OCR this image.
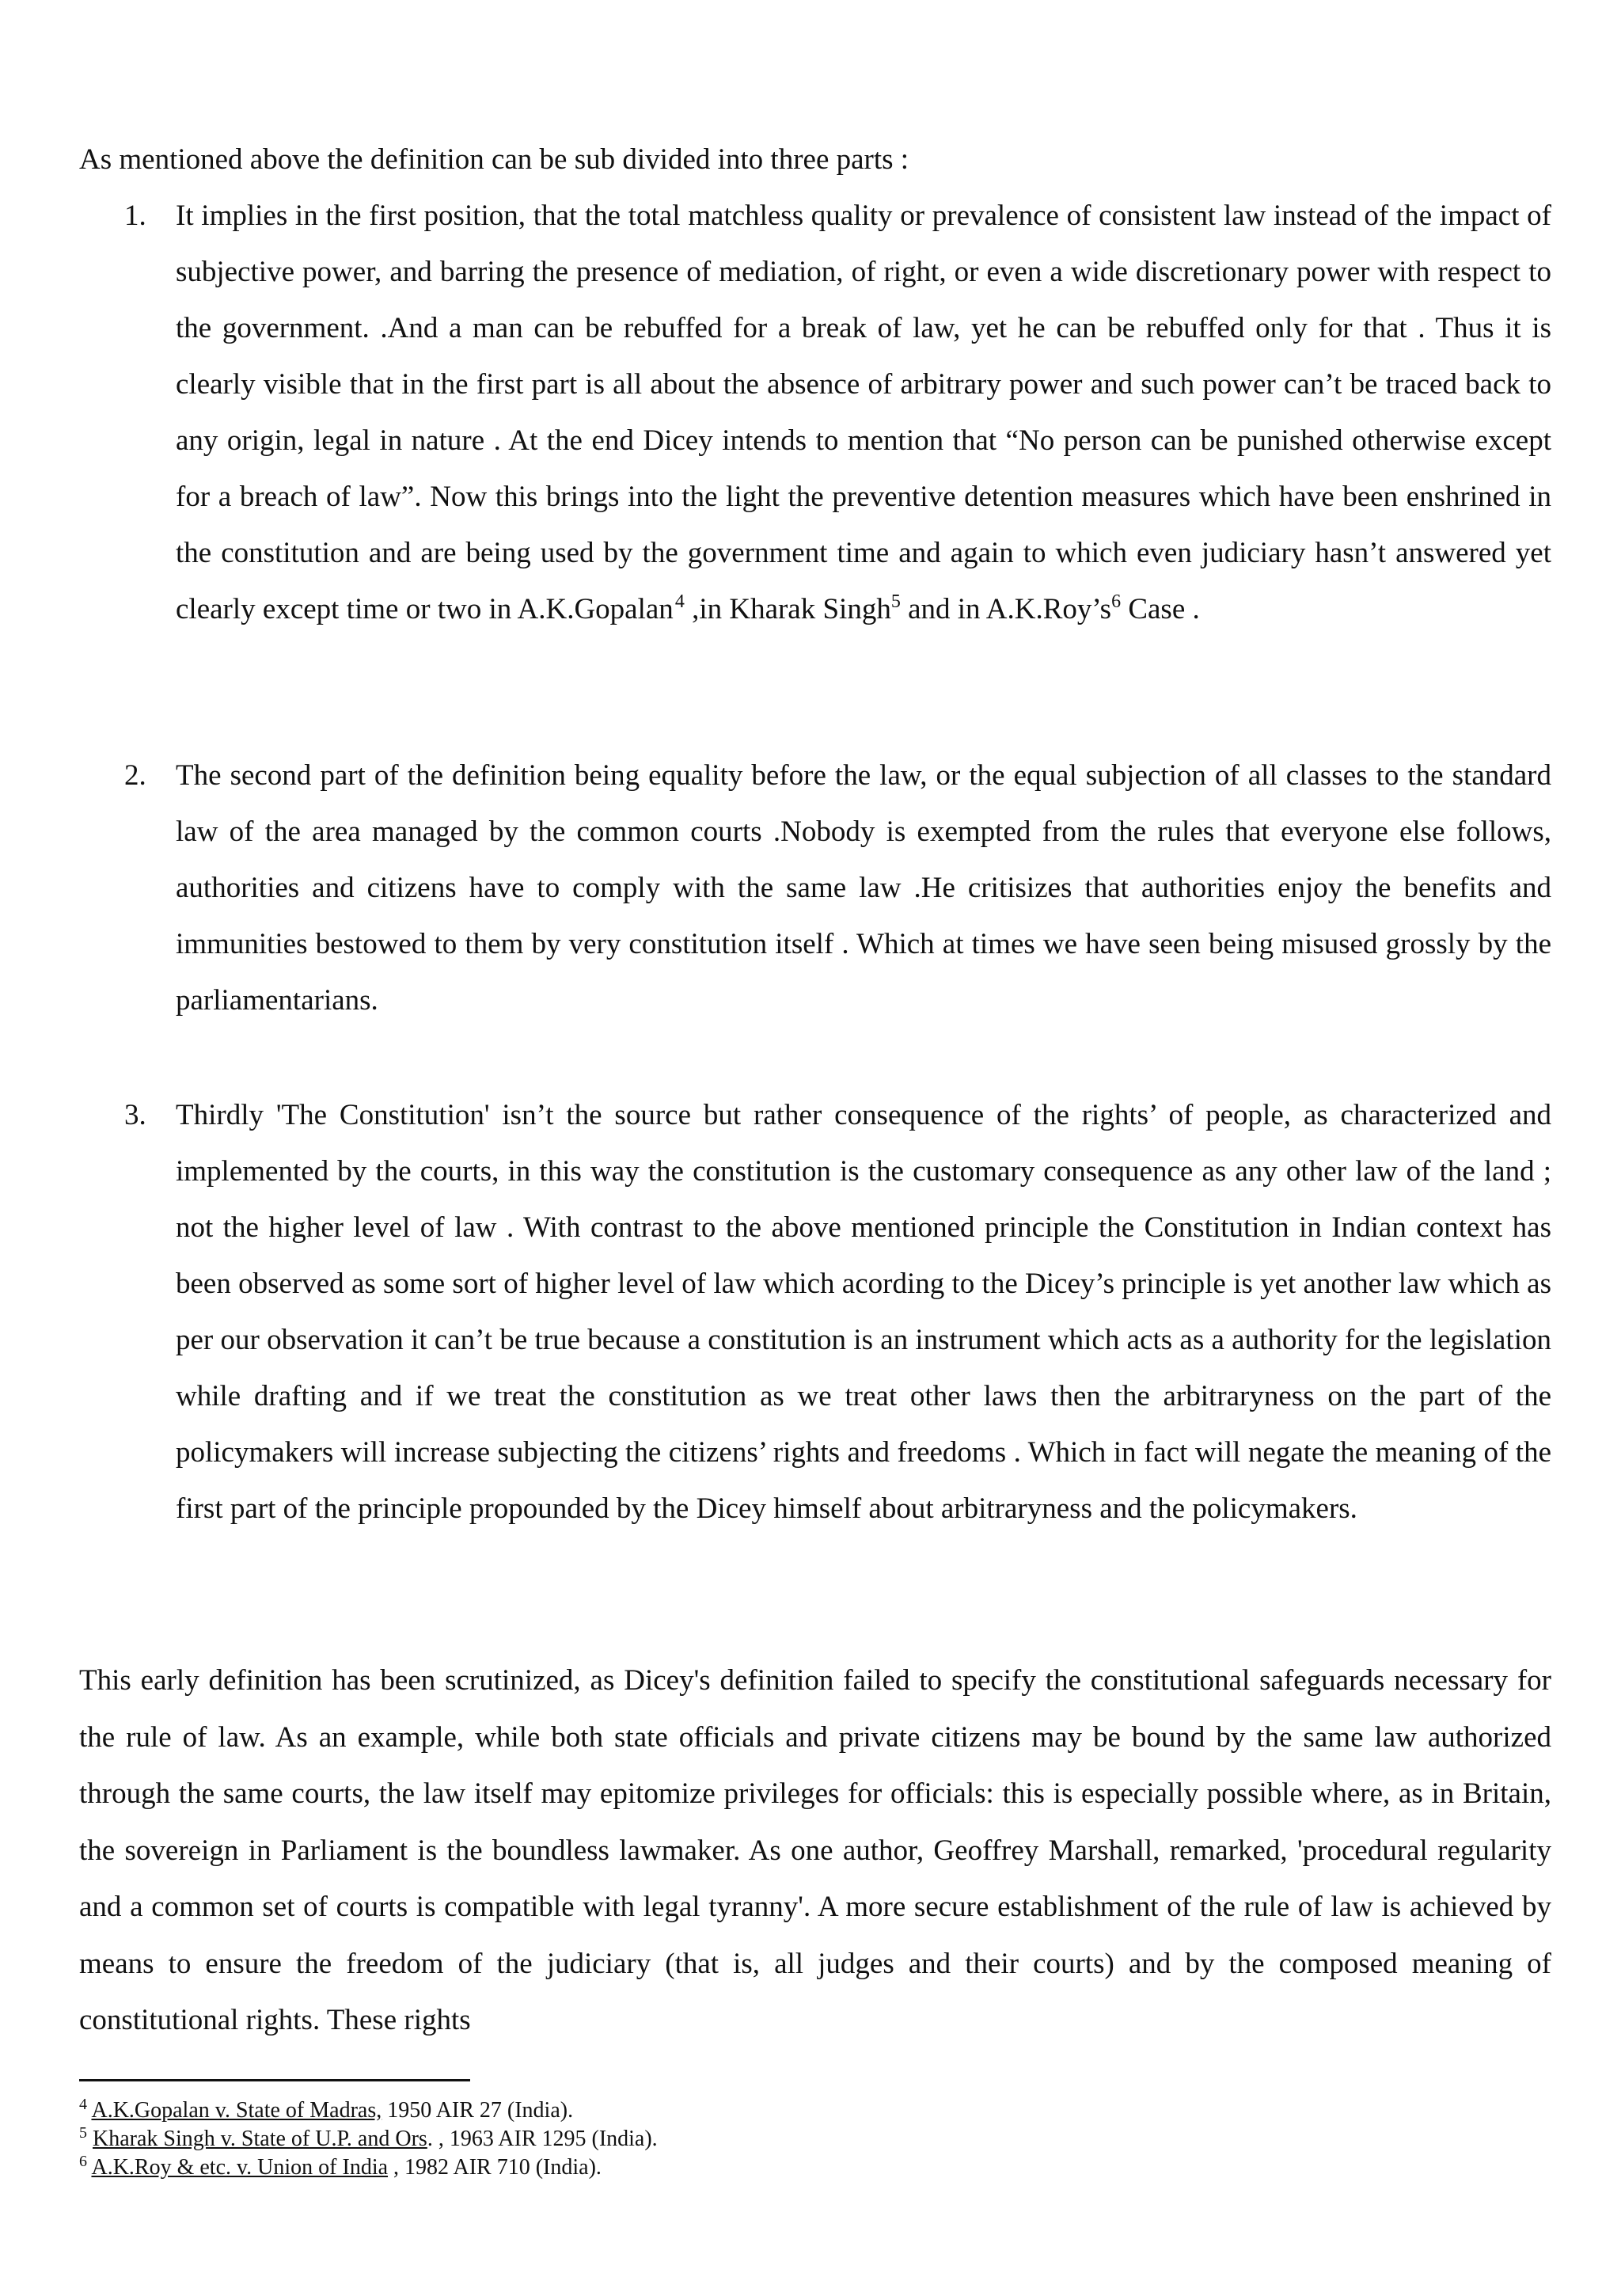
As mentioned above the definition can be sub divided into three parts :

1. It implies in the first position, that the total matchless quality or prevalence of consistent law instead of the impact of subjective power, and barring the presence of mediation, of right, or even a wide discretionary power with respect to the government. .And a man can be rebuffed for a break of law, yet he can be rebuffed only for that . Thus it is clearly visible that in the first part is all about the absence of arbitrary power and such power can’t be traced back to any origin, legal in nature . At the end Dicey intends to mention that “No person can be punished otherwise except for a breach of law”. Now this brings into the light the preventive detention measures which have been enshrined in the constitution and are being used by the government time and again to which even judiciary hasn’t answered yet clearly except time or two in A.K.Gopalan$^4$ ,in Kharak Singh$^5$ and in $A.K.Roy’s^6$ Case .
2. The second part of the definition being equality before the law, or the equal subjection of all classes to the standard law of the area managed by the common courts .Nobody is exempted from the rules that everyone else follows, authorities and citizens have to comply with the same law .He critisizes that authorities enjoy the benefits and immunities bestowed to them by very constitution itself . Which at times we have seen being misused grossly by the parliamentarians.
3. Thirdly 'The Constitution' isn’t the source but rather consequence of the rights’ of people, as characterized and implemented by the courts, in this way the constitution is the customary consequence as any other law of the land ; not the higher level of law . With contrast to the above mentioned principle the Constitution in Indian context has been observed as some sort of higher level of law which acording to the Dicey’s principle is yet another law which as per our observation it can’t be true because a constitution is an instrument which acts as a authority for the legislation while drafting and if we treat the constitution as we treat other laws then the arbitraryness on the part of the policymakers will increase subjecting the citizens’ rights and freedoms . Which in fact will negate the meaning of the first part of the principle propounded by the Dicey himself about arbitraryness and the policymakers.

This early definition has been scrutinized, as Dicey's definition failed to specify the constitutional safeguards necessary for the rule of law. As an example, while both state officials and private citizens may be bound by the same law authorized through the same courts, the law itself may epitomize privileges for officials: this is especially possible where, as in Britain, the sovereign in Parliament is the boundless lawmaker. As one author, Geoffrey Marshall, remarked, 'procedural regularity and a common set of courts is compatible with legal tyranny'. A more secure establishment of the rule of law is achieved by means to ensure the freedom of the judiciary (that is, all judges and their courts) and by the composed meaning of constitutional rights. These rights

$^4$ A.K.Gopalan v. State of Madras, 1950 AIR 27 (India).
$^5$ Kharak Singh v. State of U.P. and Ors. , 1963 AIR 1295 (India).
$^6$ A.K.Roy & etc. v. Union of India , 1982 AIR 710 (India).
